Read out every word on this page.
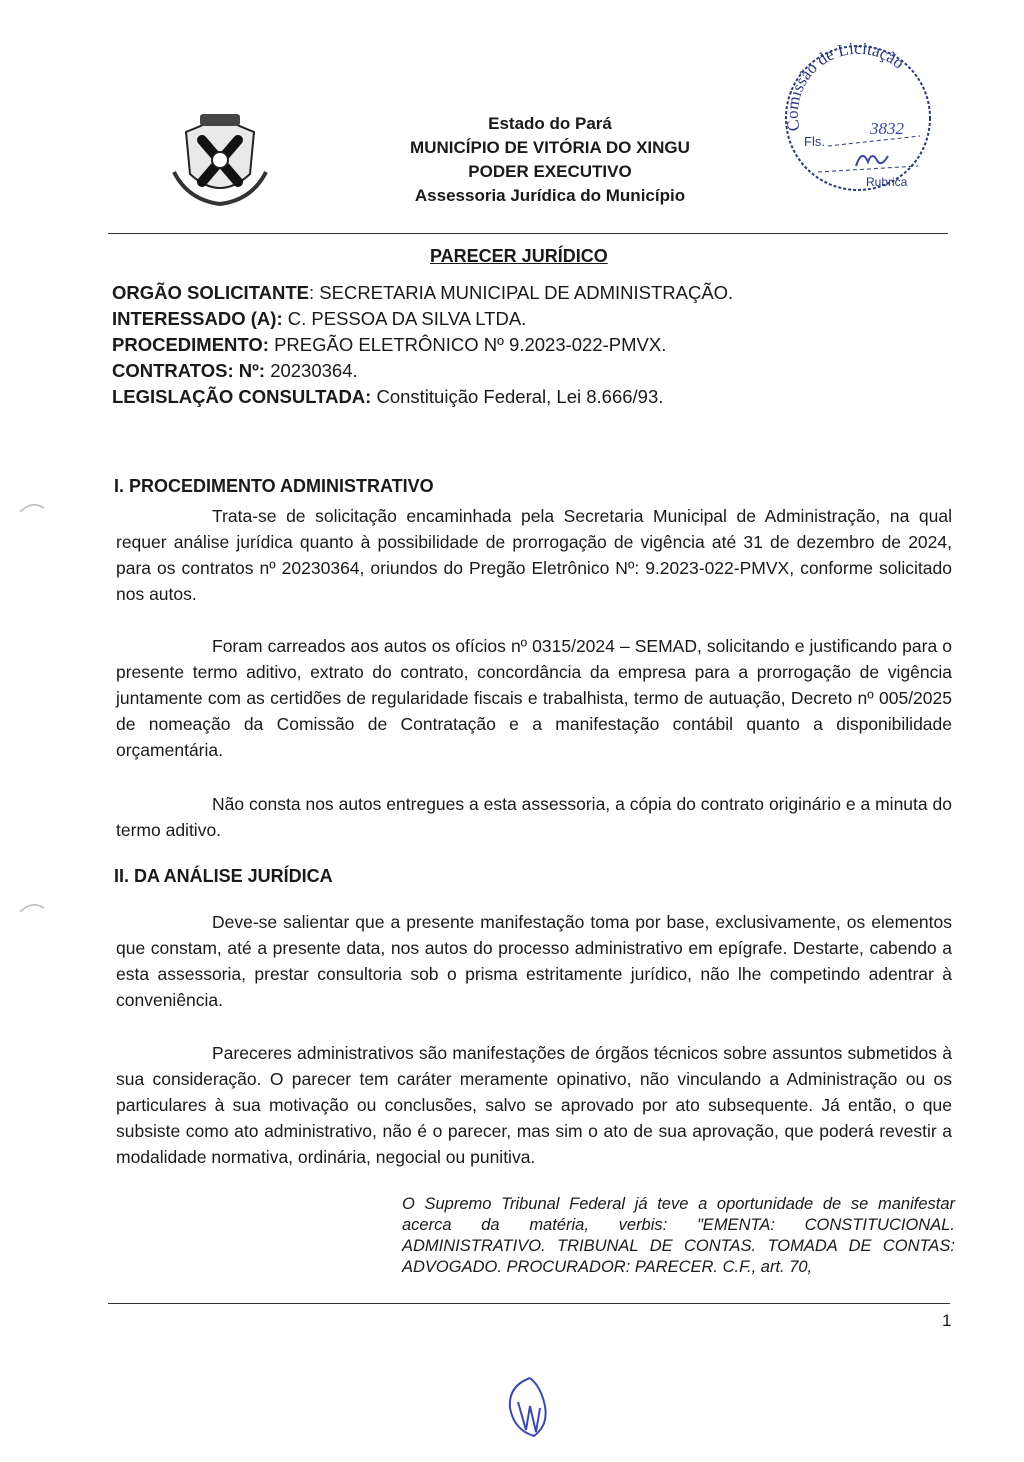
Estado do Pará
MUNICÍPIO DE VITÓRIA DO XINGU
PODER EXECUTIVO
Assessoria Jurídica do Município
Comissão de Licitação
Fls.
3832
Rubrica
PARECER JURÍDICO
ORGÃO SOLICITANTE: SECRETARIA MUNICIPAL DE ADMINISTRAÇÃO.
INTERESSADO (A): C. PESSOA DA SILVA LTDA.
PROCEDIMENTO: PREGÃO ELETRÔNICO Nº 9.2023-022-PMVX.
CONTRATOS: Nº: 20230364.
LEGISLAÇÃO CONSULTADA: Constituição Federal, Lei 8.666/93.
I. PROCEDIMENTO ADMINISTRATIVO
Trata-se de solicitação encaminhada pela Secretaria Municipal de Administração, na qual requer análise jurídica quanto à possibilidade de prorrogação de vigência até 31 de dezembro de 2024, para os contratos nº 20230364, oriundos do Pregão Eletrônico Nº: 9.2023-022-PMVX, conforme solicitado nos autos.
Foram carreados aos autos os ofícios nº 0315/2024 – SEMAD, solicitando e justificando para o presente termo aditivo, extrato do contrato, concordância da empresa para a prorrogação de vigência juntamente com as certidões de regularidade fiscais e trabalhista, termo de autuação, Decreto nº 005/2025 de nomeação da Comissão de Contratação e a manifestação contábil quanto a disponibilidade orçamentária.
Não consta nos autos entregues a esta assessoria, a cópia do contrato originário e a minuta do termo aditivo.
II. DA ANÁLISE JURÍDICA
Deve-se salientar que a presente manifestação toma por base, exclusivamente, os elementos que constam, até a presente data, nos autos do processo administrativo em epígrafe. Destarte, cabendo a esta assessoria, prestar consultoria sob o prisma estritamente jurídico, não lhe competindo adentrar à conveniência.
Pareceres administrativos são manifestações de órgãos técnicos sobre assuntos submetidos à sua consideração. O parecer tem caráter meramente opinativo, não vinculando a Administração ou os particulares à sua motivação ou conclusões, salvo se aprovado por ato subsequente. Já então, o que subsiste como ato administrativo, não é o parecer, mas sim o ato de sua aprovação, que poderá revestir a modalidade normativa, ordinária, negocial ou punitiva.
O Supremo Tribunal Federal já teve a oportunidade de se manifestar acerca da matéria, verbis: "EMENTA: CONSTITUCIONAL. ADMINISTRATIVO. TRIBUNAL DE CONTAS. TOMADA DE CONTAS: ADVOGADO. PROCURADOR: PARECER. C.F., art. 70,
1
